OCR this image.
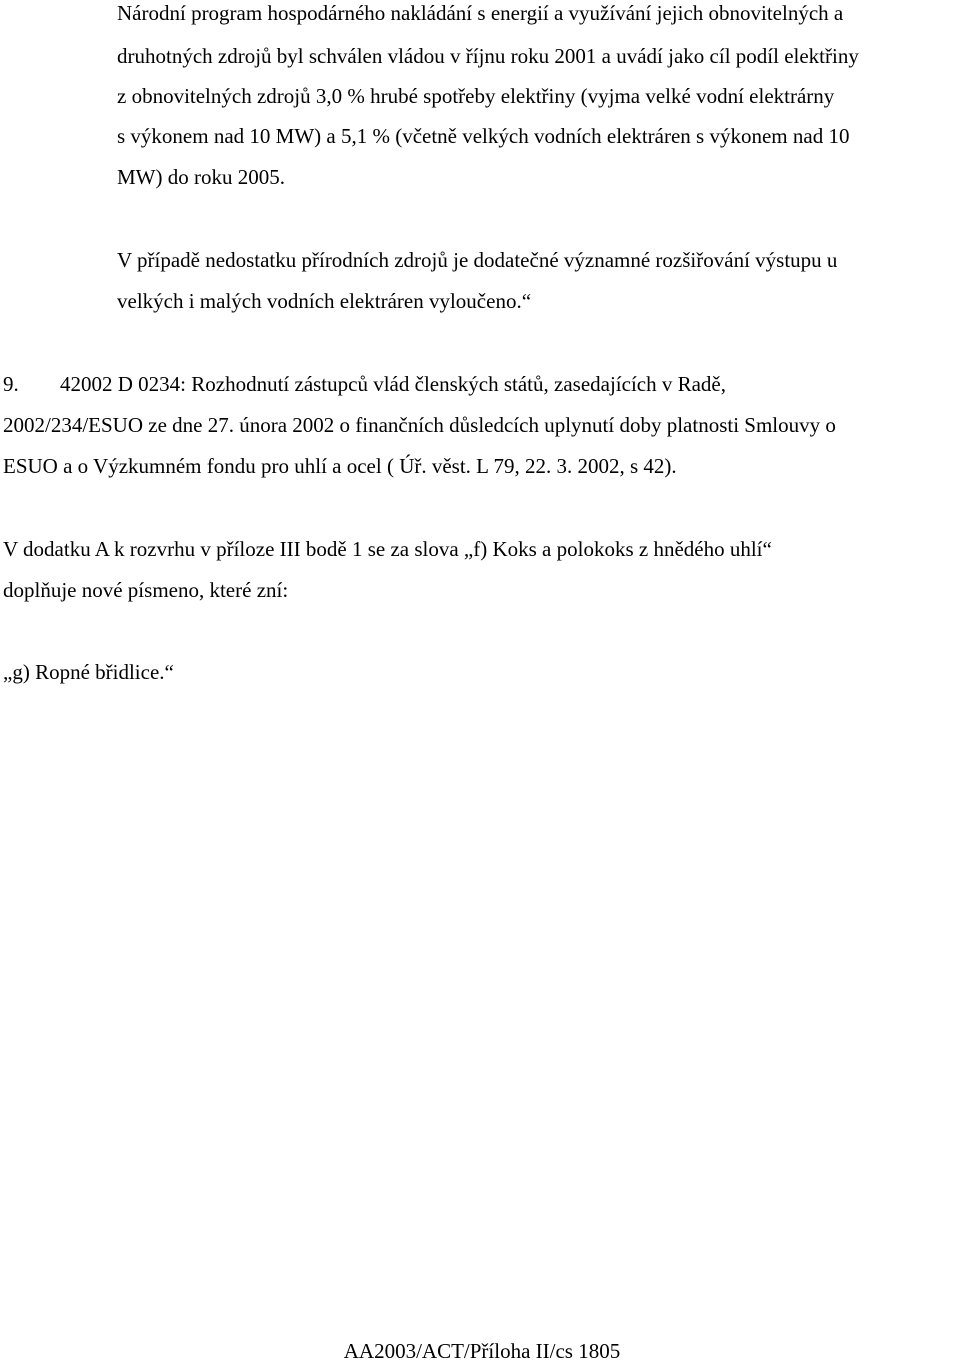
Národní program hospodárného nakládání s energií a využívání jejich obnovitelných a
druhotných zdrojů byl schválen vládou v říjnu roku 2001 a uvádí jako cíl podíl elektřiny
z obnovitelných zdrojů 3,0 % hrubé spotřeby elektřiny (vyjma velké vodní elektrárny
s výkonem nad 10 MW) a 5,1 % (včetně velkých vodních elektráren s výkonem nad 10
MW) do roku 2005.
V případě nedostatku přírodních zdrojů je dodatečné významné rozšiřování výstupu u
velkých i malých vodních elektráren vyloučeno.“
9. 42002 D 0234: Rozhodnutí zástupců vlád členských států, zasedajících v Radě,
2002/234/ESUO ze dne 27. února 2002 o finančních důsledcích uplynutí doby platnosti Smlouvy o
ESUO a o Výzkumném fondu pro uhlí a ocel ( Úř. věst. L 79, 22. 3. 2002, s 42).
V dodatku A k rozvrhu v příloze III bodě 1 se za slova „f) Koks a polokoks z hnědého uhlí“
doplňuje nové písmeno, které zní:
„g) Ropné břidlice.“
AA2003/ACT/Příloha II/cs 1805
